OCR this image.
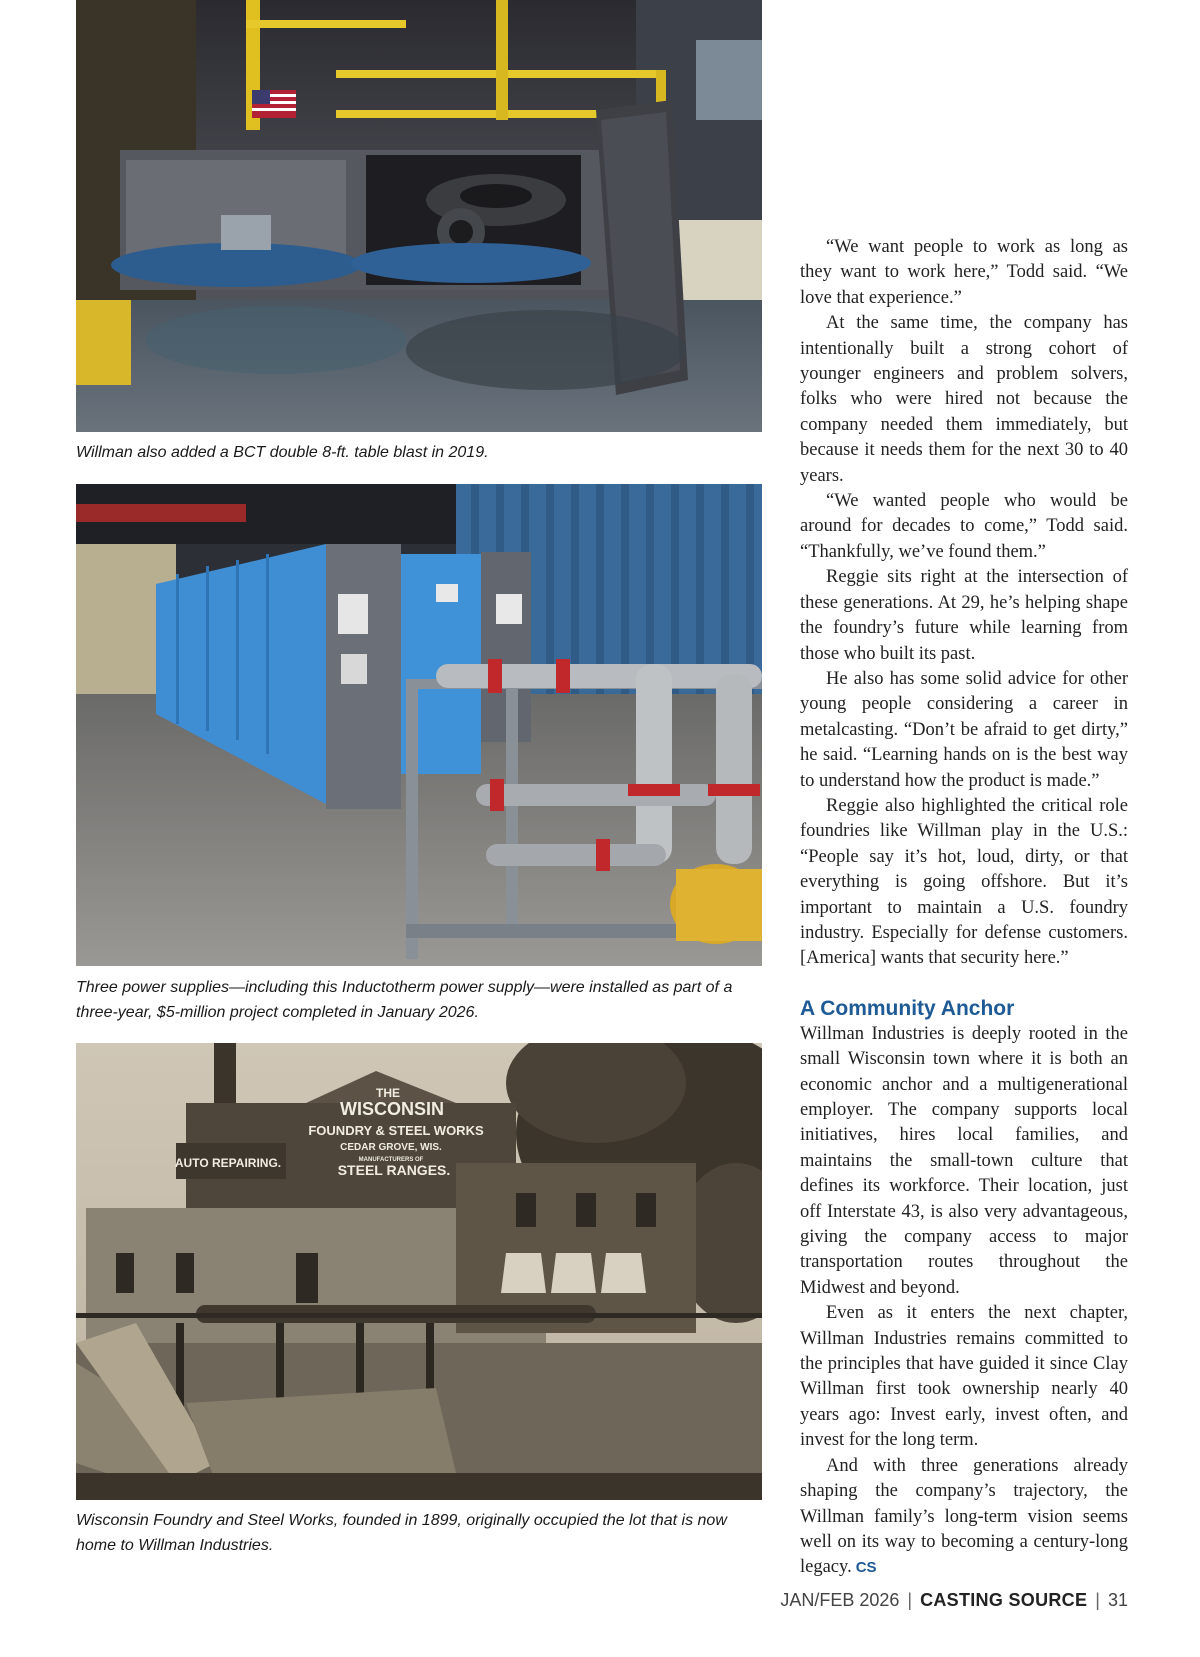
Willman also added a BCT double 8-ft. table blast in 2019.
Three power supplies—including this Inductotherm power supply—were installed as part of a three-year, $5-million project completed in January 2026.
THE
WISCONSIN
FOUNDRY & STEEL WORKS
CEDAR GROVE, WIS.
MANUFACTURERS OF
STEEL RANGES.
AUTO REPAIRING.
Wisconsin Foundry and Steel Works, founded in 1899, originally occupied the lot that is now home to Willman Industries.

“We want people to work as long as they want to work here,” Todd said. “We love that experience.”

At the same time, the company has intentionally built a strong cohort of younger engineers and problem solvers, folks who were hired not because the company needed them immediately, but because it needs them for the next 30 to 40 years.

“We wanted people who would be around for decades to come,” Todd said. “Thankfully, we’ve found them.”

Reggie sits right at the intersection of these generations. At 29, he’s helping shape the foundry’s future while learning from those who built its past.

He also has some solid advice for other young people considering a career in metalcasting. “Don’t be afraid to get dirty,” he said. “Learning hands on is the best way to understand how the product is made.”

Reggie also highlighted the critical role foundries like Willman play in the U.S.: “People say it’s hot, loud, dirty, or that everything is going offshore. But it’s important to maintain a U.S. foundry industry. Especially for defense customers. [America] wants that security here.”

A Community Anchor

Willman Industries is deeply rooted in the small Wisconsin town where it is both an economic anchor and a multigenerational employer. The company supports local initiatives, hires local families, and maintains the small-town culture that defines its workforce. Their location, just off Interstate 43, is also very advantageous, giving the company access to major transportation routes throughout the Midwest and beyond.

Even as it enters the next chapter, Willman Industries remains committed to the principles that have guided it since Clay Willman first took ownership nearly 40 years ago: Invest early, invest often, and invest for the long term.

And with three generations already shaping the company’s trajectory, the Willman family’s long-term vision seems well on its way to becoming a century-long legacy. CS

JAN/FEB 2026 | CASTING SOURCE | 31
